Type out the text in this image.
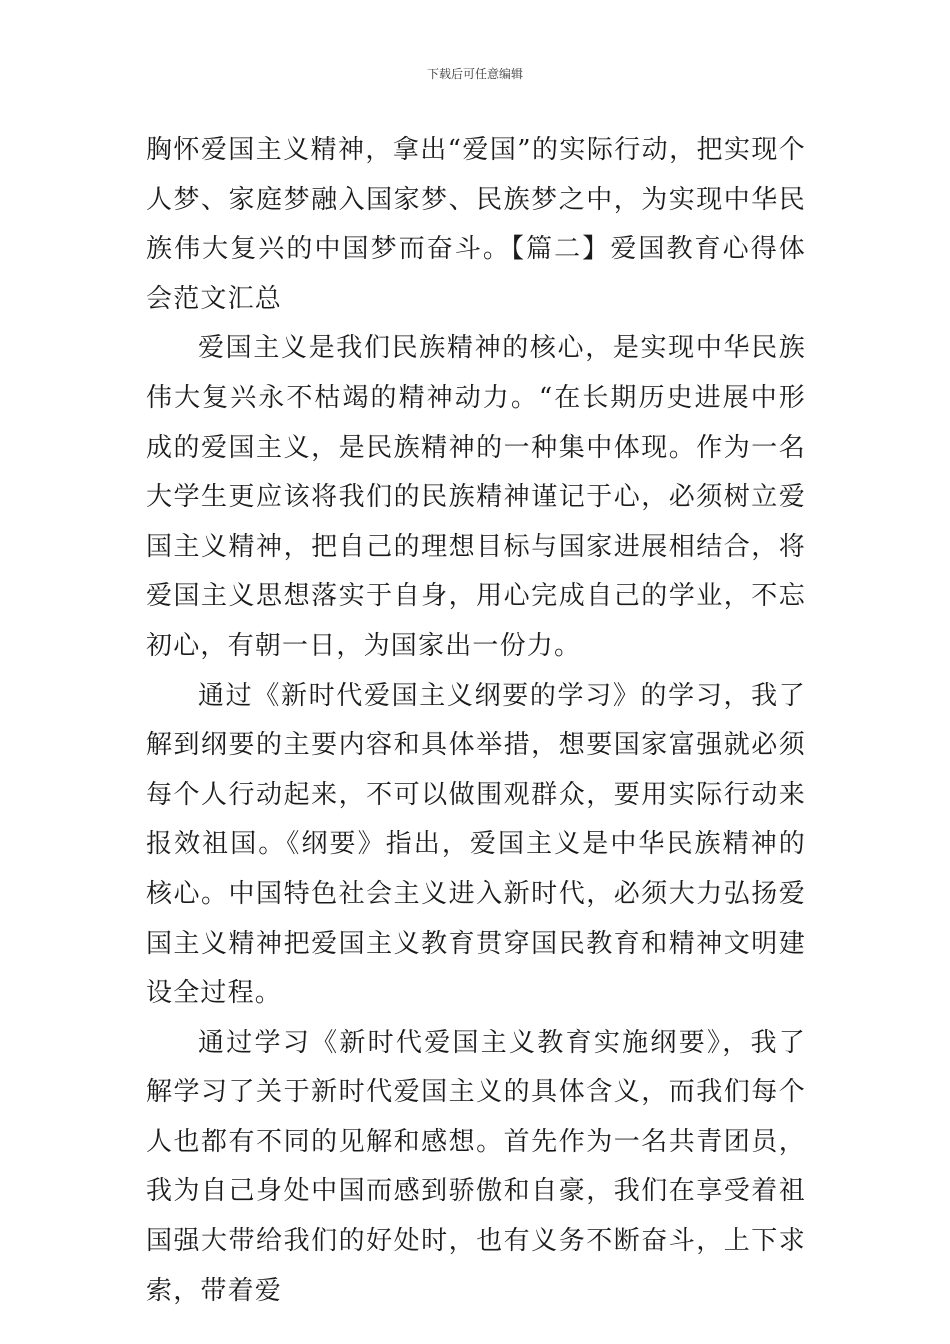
下载后可任意编辑

胸怀爱国主义精神，拿出“爱国”的实际行动，把实现个人梦、家庭梦融入国家梦、民族梦之中，为实现中华民族伟大复兴的中国梦而奋斗。【篇二】爱国教育心得体会范文汇总

爱国主义是我们民族精神的核心，是实现中华民族伟大复兴永不枯竭的精神动力。“在长期历史进展中形成的爱国主义，是民族精神的一种集中体现。作为一名大学生更应该将我们的民族精神谨记于心，必须树立爱国主义精神，把自己的理想目标与国家进展相结合，将爱国主义思想落实于自身，用心完成自己的学业，不忘初心，有朝一日，为国家出一份力。

通过《新时代爱国主义纲要的学习》的学习，我了解到纲要的主要内容和具体举措，想要国家富强就必须每个人行动起来，不可以做围观群众，要用实际行动来报效祖国。《纲要》指出，爱国主义是中华民族精神的核心。中国特色社会主义进入新时代，必须大力弘扬爱国主义精神把爱国主义教育贯穿国民教育和精神文明建设全过程。

通过学习《新时代爱国主义教育实施纲要》，我了解学习了关于新时代爱国主义的具体含义，而我们每个人也都有不同的见解和感想。首先作为一名共青团员，我为自己身处中国而感到骄傲和自豪，我们在享受着祖国强大带给我们的好处时，也有义务不断奋斗，上下求索，带着爱
